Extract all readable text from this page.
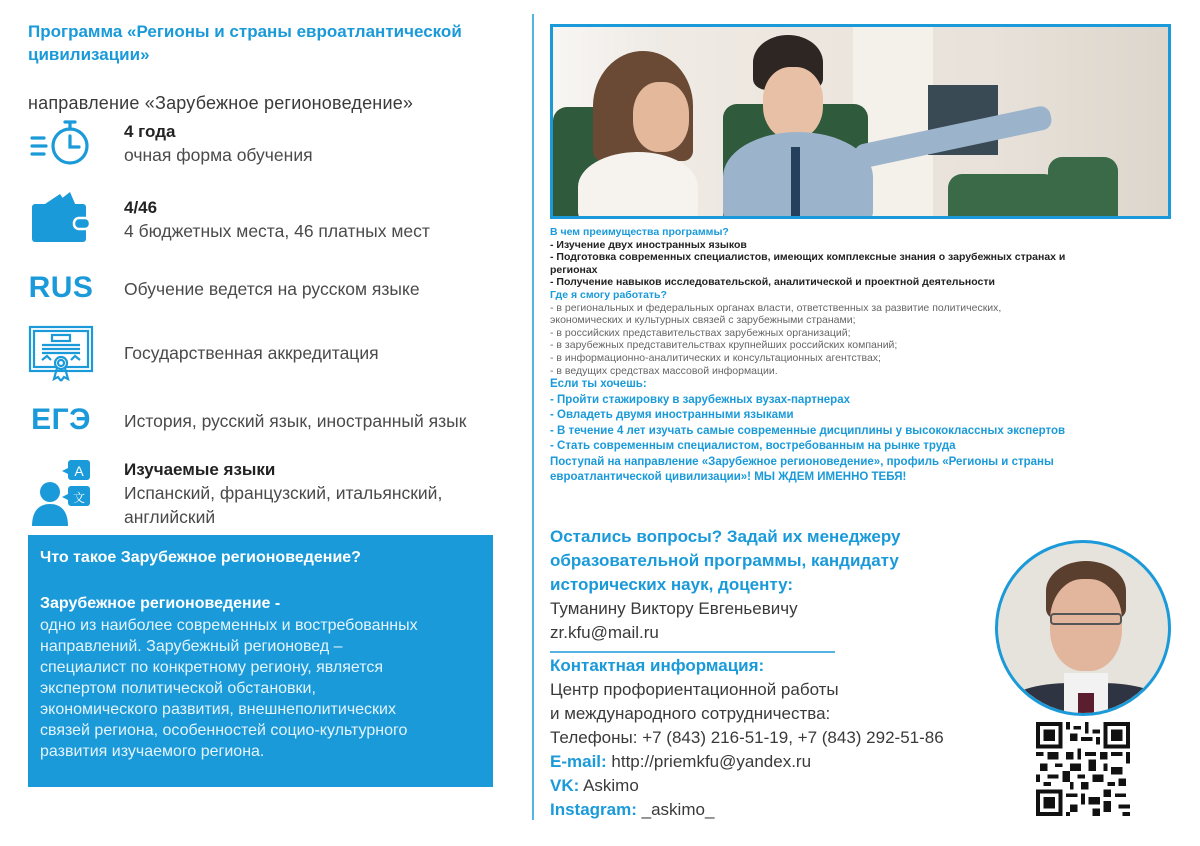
Программа «Регионы и страны евроатлантической цивилизации»
направление «Зарубежное регионоведение»
4 года
очная форма обучения
4/46
4 бюджетных места, 46 платных мест
RUS Обучение ведется на русском языке
Государственная аккредитация
ЕГЭ История, русский язык, иностранный язык
A
文
Изучаемые языки
Испанский, французский, итальянский, английский
Что такое Зарубежное регионоведение?
Зарубежное регионоведение -
одно из наиболее современных и востребованных
направлений. Зарубежный регионовед –
специалист по конкретному региону, является
экспертом политической обстановки,
экономического развития, внешнеполитических
связей региона, особенностей социо-культурного
развития изучаемого региона.
В чем преимущества программы?
- Изучение двух иностранных языков
- Подготовка современных специалистов, имеющих комплексные знания о зарубежных странах и
регионах
- Получение навыков исследовательской, аналитической и проектной деятельности
Где я смогу работать?
- в региональных и федеральных органах власти, ответственных за развитие политических,
экономических и культурных связей с зарубежными странами;
- в российских представительствах зарубежных организаций;
- в зарубежных представительствах крупнейших российских компаний;
- в информационно-аналитических и консультационных агентствах;
- в ведущих средствах массовой информации.
Если ты хочешь:
- Пройти стажировку в зарубежных вузах-партнерах
- Овладеть двумя иностранными языками
- В течение 4 лет изучать самые современные дисциплины у высококлассных экспертов
- Стать современным специалистом, востребованным на рынке труда
Поступай на направление «Зарубежное регионоведение», профиль «Регионы и страны
евроатлантической цивилизации»! МЫ ЖДЕМ ИМЕННО ТЕБЯ!
Остались вопросы? Задай их менеджеру
образовательной программы, кандидату
исторических наук, доценту:
Туманину Виктору Евгеньевичу
zr.kfu@mail.ru
Контактная информация:
Центр профориентационной работы
и международного сотрудничества:
Телефоны: +7 (843) 216-51-19, +7 (843) 292-51-86
E-mail: http://priemkfu@yandex.ru
VK: Askimo
Instagram: _askimo_
